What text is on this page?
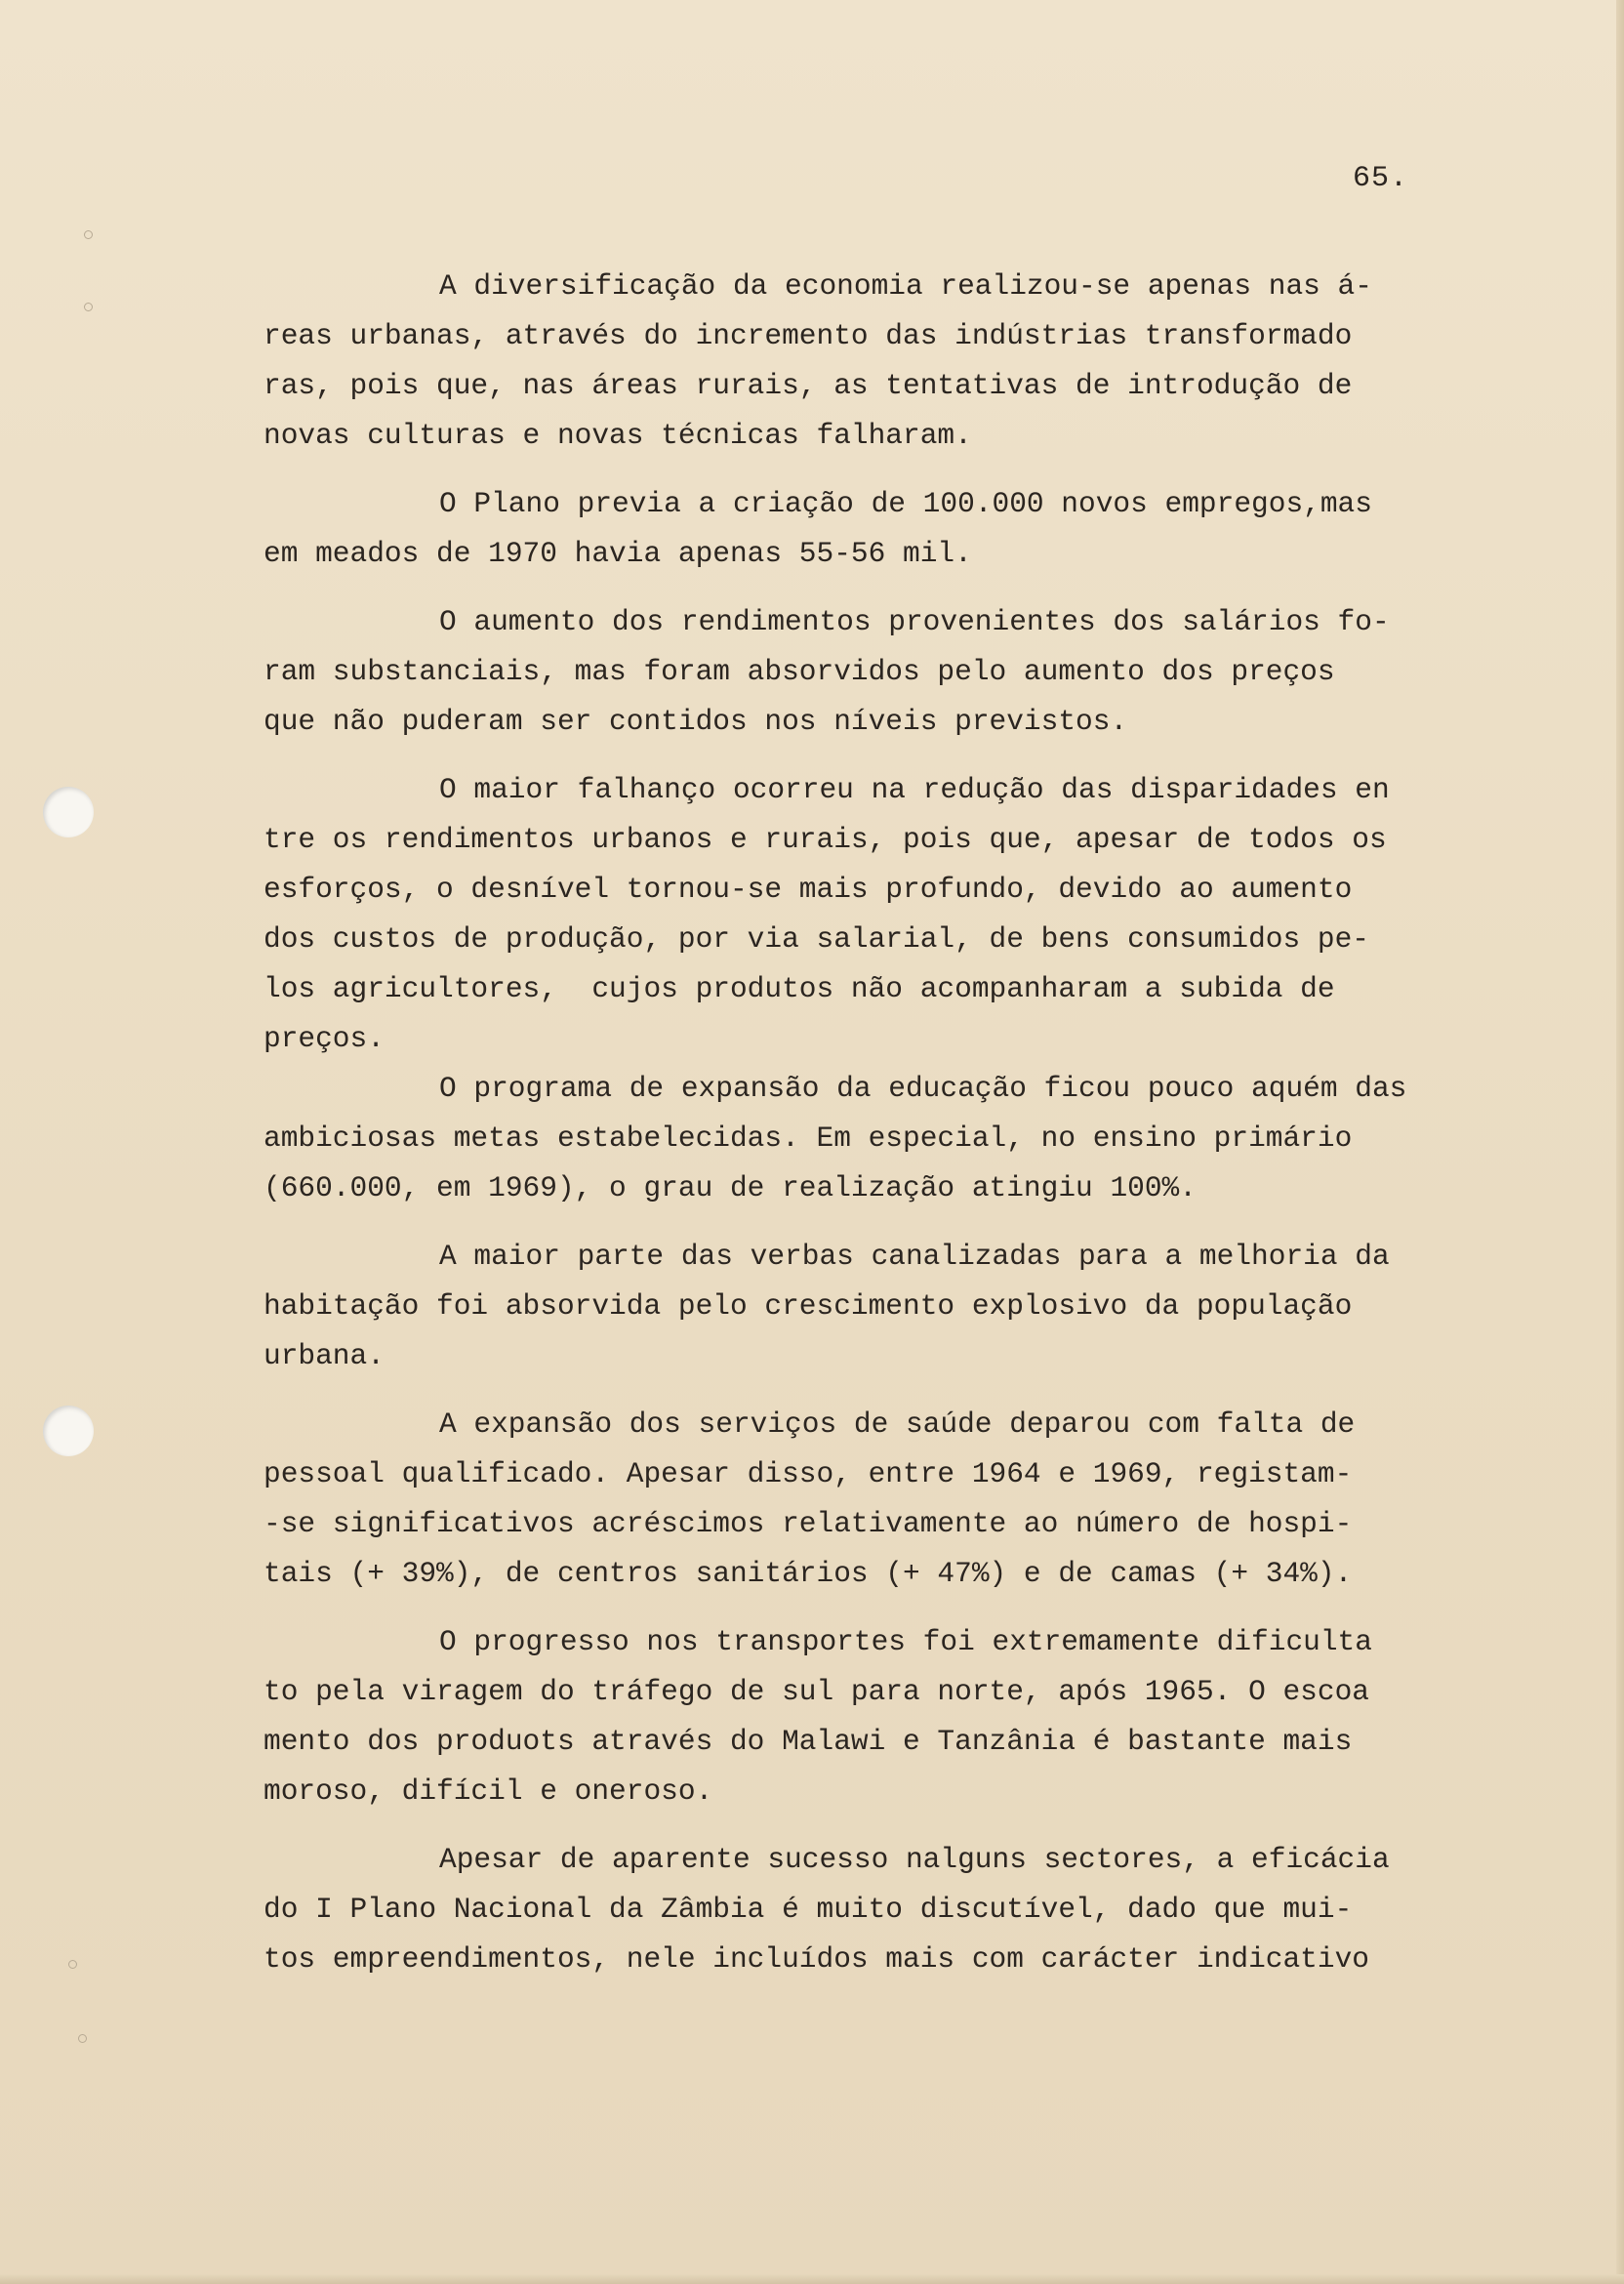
65.
A diversificação da economia realizou-se apenas nas á-
reas urbanas, através do incremento das indústrias transformado
ras, pois que, nas áreas rurais, as tentativas de introdução de
novas culturas e novas técnicas falharam.
O Plano previa a criação de 100.000 novos empregos,mas
em meados de 1970 havia apenas 55-56 mil.
O aumento dos rendimentos provenientes dos salários fo-
ram substanciais, mas foram absorvidos pelo aumento dos preços
que não puderam ser contidos nos níveis previstos.
O maior falhanço ocorreu na redução das disparidades en
tre os rendimentos urbanos e rurais, pois que, apesar de todos os
esforços, o desnível tornou-se mais profundo, devido ao aumento
dos custos de produção, por via salarial, de bens consumidos pe-
los agricultores,  cujos produtos não acompanharam a subida de
preços.
O programa de expansão da educação ficou pouco aquém das
ambiciosas metas estabelecidas. Em especial, no ensino primário
(660.000, em 1969), o grau de realização atingiu 100%.
A maior parte das verbas canalizadas para a melhoria da
habitação foi absorvida pelo crescimento explosivo da população
urbana.
A expansão dos serviços de saúde deparou com falta de
pessoal qualificado. Apesar disso, entre 1964 e 1969, registam-
-se significativos acréscimos relativamente ao número de hospi-
tais (+ 39%), de centros sanitários (+ 47%) e de camas (+ 34%).
O progresso nos transportes foi extremamente dificulta
to pela viragem do tráfego de sul para norte, após 1965. O escoa
mento dos produots através do Malawi e Tanzânia é bastante mais
moroso, difícil e oneroso.
Apesar de aparente sucesso nalguns sectores, a eficácia
do I Plano Nacional da Zâmbia é muito discutível, dado que mui-
tos empreendimentos, nele incluídos mais com carácter indicativo
